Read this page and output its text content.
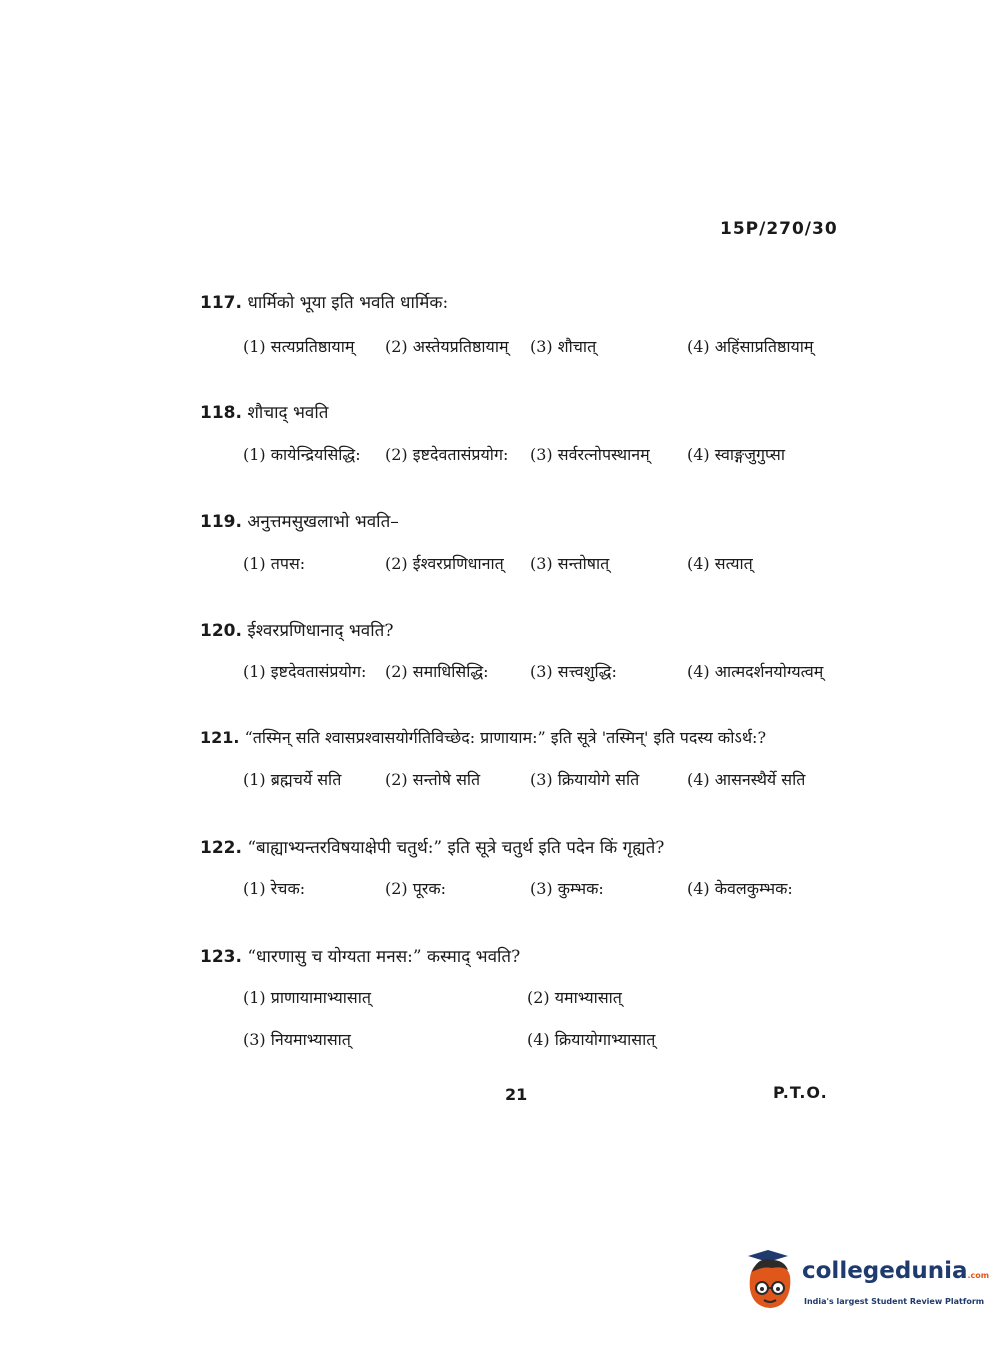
15P/270/30
117. धार्मिको भूया इति भवति धार्मिक:
(1) सत्यप्रतिष्ठायाम् (2) अस्तेयप्रतिष्ठायाम् (3) शौचात्	(4) अहिंसाप्रतिष्ठायाम्
118. शौचाद् भवति
(1) कायेन्द्रियसिद्धि: (2) इष्टदेवतासंप्रयोग: (3) सर्वरत्नोपस्थानम् (4) स्वाङ्गजुगुप्सा
119. अनुत्तमसुखलाभो भवति–
(1) तपस:	(2) ईश्वरप्रणिधानात् (3) सन्तोषात्	(4) सत्यात्
120. ईश्वरप्रणिधानाद् भवति?
(1) इष्टदेवतासंप्रयोग: (2) समाधिसिद्धि:	(3) सत्त्वशुद्धि:	(4) आत्मदर्शनयोग्यत्वम्
121. “तस्मिन् सति श्वासप्रश्वासयोर्गतिविच्छेद: प्राणायाम:” इति सूत्रे 'तस्मिन्' इति पदस्य कोऽर्थ:?
(1) ब्रह्मचर्ये सति	(2) सन्तोषे सति	(3) क्रियायोगे सति	(4) आसनस्थैर्ये सति
122. “बाह्याभ्यन्तरविषयाक्षेपी चतुर्थ:” इति सूत्रे चतुर्थ इति पदेन किं गृह्यते?
(1) रेचक:	(2) पूरक:	(3) कुम्भक:	(4) केवलकुम्भक:
123. “धारणासु च योग्यता मनस:” कस्माद् भवति?
(1) प्राणायामाभ्यासात्	(2) यमाभ्यासात्
(3) नियमाभ्यासात्	(4) क्रियायोगाभ्यासात्
21	P.T.O.
collegedunia.com
India's largest Student Review Platform
